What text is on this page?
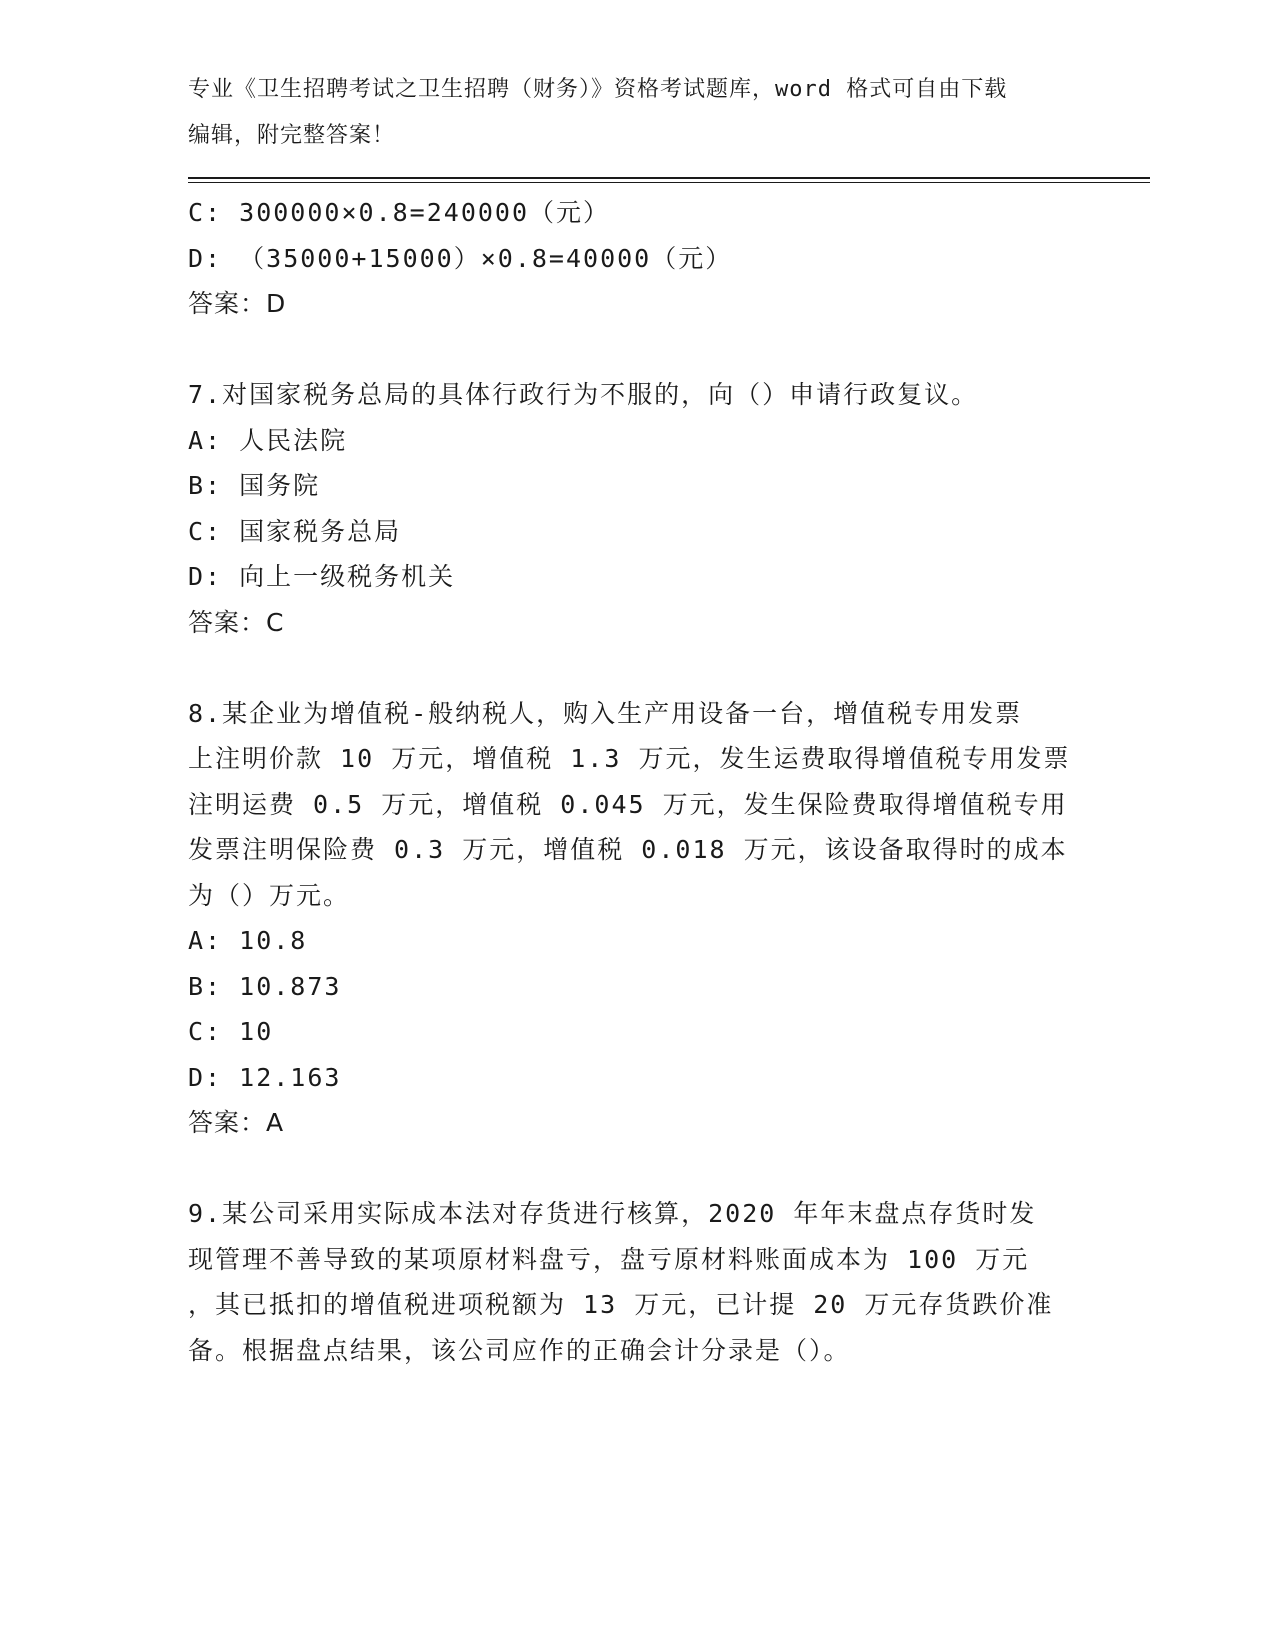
专业《卫生招聘考试之卫生招聘（财务）》资格考试题库，word 格式可自由下载
编辑，附完整答案！
C: 300000×0.8=240000（元）
D: （35000+15000）×0.8=40000（元）
答案：D
7.对国家税务总局的具体行政行为不服的，向（）申请行政复议。
A: 人民法院
B: 国务院
C: 国家税务总局
D: 向上一级税务机关
答案：C
8.某企业为增值税-般纳税人，购入生产用设备一台，增值税专用发票
上注明价款 10 万元，增值税 1.3 万元，发生运费取得增值税专用发票
注明运费 0.5 万元，增值税 0.045 万元，发生保险费取得增值税专用
发票注明保险费 0.3 万元，增值税 0.018 万元，该设备取得时的成本
为（）万元。
A: 10.8
B: 10.873
C: 10
D: 12.163
答案：A
9.某公司采用实际成本法对存货进行核算，2020 年年末盘点存货时发
现管理不善导致的某项原材料盘亏，盘亏原材料账面成本为 100 万元
，其已抵扣的增值税进项税额为 13 万元，已计提 20 万元存货跌价准
备。根据盘点结果，该公司应作的正确会计分录是（）。
